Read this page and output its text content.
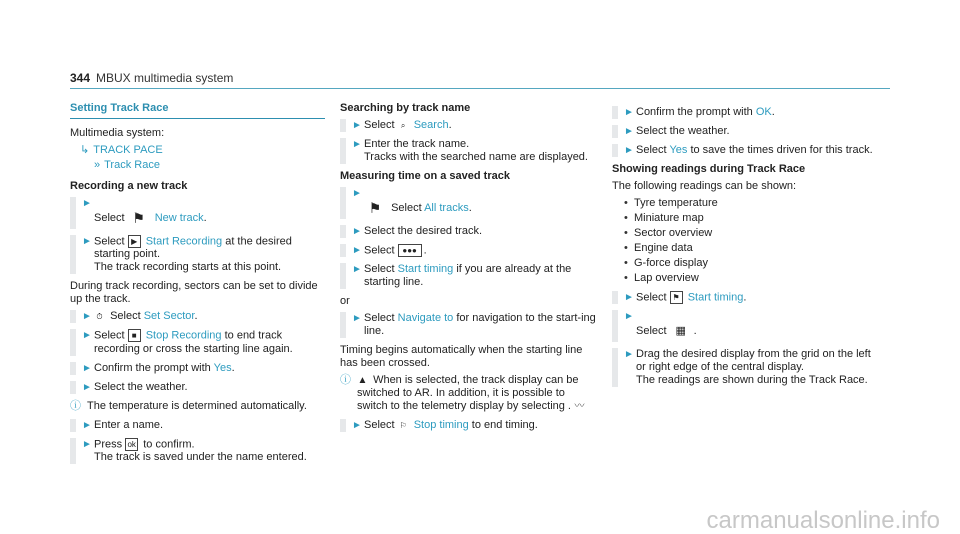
344 MBUX multimedia system
Setting Track Race
Multimedia system:
↳ TRACK PACE
» Track Race
Recording a new track
►
Select ⚑ New track.
► Select ▶ Start Recording at the desired starting point.
The track recording starts at this point.
During track recording, sectors can be set to divide up the track.
► ⏱ Select Set Sector.
► Select ■ Stop Recording to end track recording or cross the starting line again.
► Confirm the prompt with Yes.
► Select the weather.
ⓘ The temperature is determined automatically.
► Enter a name.
► Press ok to confirm.
The track is saved under the name entered.
Searching by track name
► Select ⌕ Search.
► Enter the track name.
Tracks with the searched name are displayed.
Measuring time on a saved track
►
⚑ Select All tracks.
► Select the desired track.
► Select ●●● .
► Select Start timing if you are already at the starting line.
or
► Select Navigate to for navigation to the start-ing line.
Timing begins automatically when the starting line has been crossed.
ⓘ ▲ When is selected, the track display can be switched to AR. In addition, it is possible to switch to the telemetry display by selecting . 〰
► Select ⚐ Stop timing to end timing.
► Confirm the prompt with OK.
► Select the weather.
► Select Yes to save the times driven for this track.
Showing readings during Track Race
The following readings can be shown:
• Tyre temperature
• Miniature map
• Sector overview
• Engine data
• G-force display
• Lap overview
► Select ⚑ Start timing.
►
Select ▦ .
► Drag the desired display from the grid on the left or right edge of the central display.
The readings are shown during the Track Race.
carmanualsonline.info
